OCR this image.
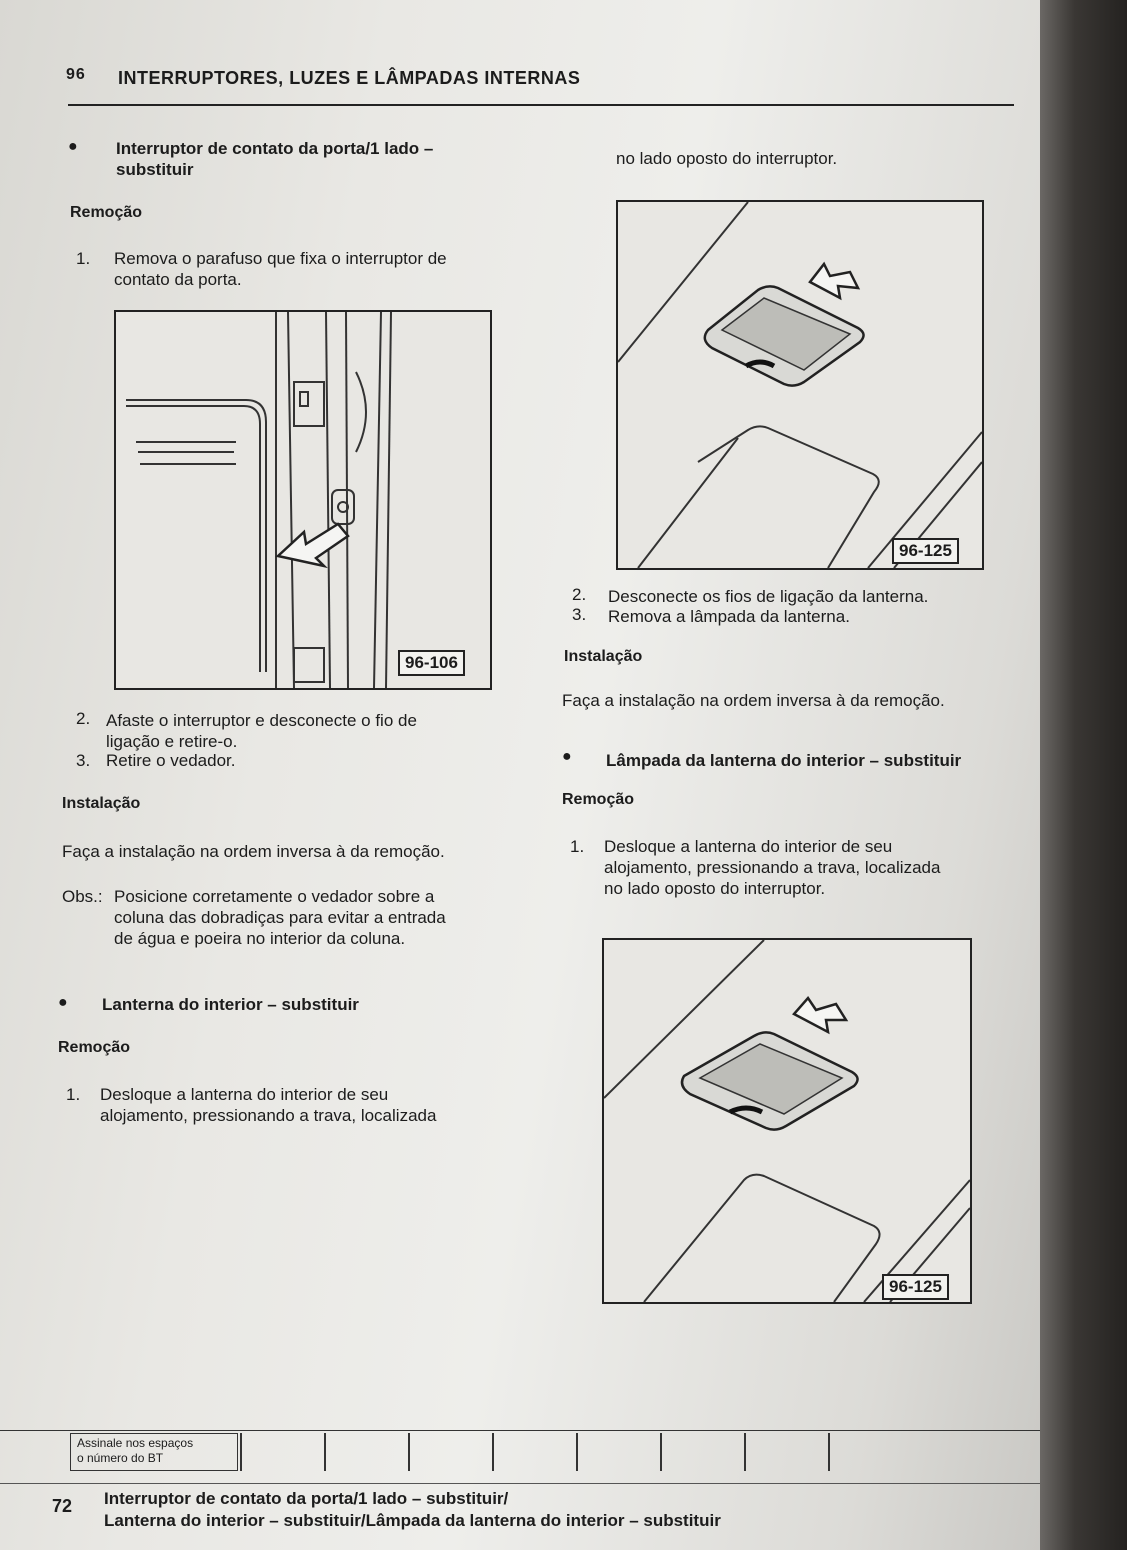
96 INTERRUPTORES, LUZES E LÂMPADAS INTERNAS
● Interruptor de contato da porta/1 lado –
substituir
Remoção
1. Remova o parafuso que fixa o interruptor de
contato da porta.
96-106
2. Afaste o interruptor e desconecte o fio de
ligação e retire-o.
3. Retire o vedador.
Instalação
Faça a instalação na ordem inversa à da remoção.
Obs.: Posicione corretamente o vedador sobre a
coluna das dobradiças para evitar a entrada
de água e poeira no interior da coluna.
● Lanterna do interior – substituir
Remoção
1. Desloque a lanterna do interior de seu
alojamento, pressionando a trava, localizada
no lado oposto do interruptor.
96-125
2. Desconecte os fios de ligação da lanterna.
3. Remova a lâmpada da lanterna.
Instalação
Faça a instalação na ordem inversa à da remoção.
● Lâmpada da lanterna do interior – substituir
Remoção
1. Desloque a lanterna do interior de seu
alojamento, pressionando a trava, localizada
no lado oposto do interruptor.
96-125
Assinale nos espaços
o número do BT
72 Interruptor de contato da porta/1 lado – substituir/
Lanterna do interior – substituir/Lâmpada da lanterna do interior – substituir
